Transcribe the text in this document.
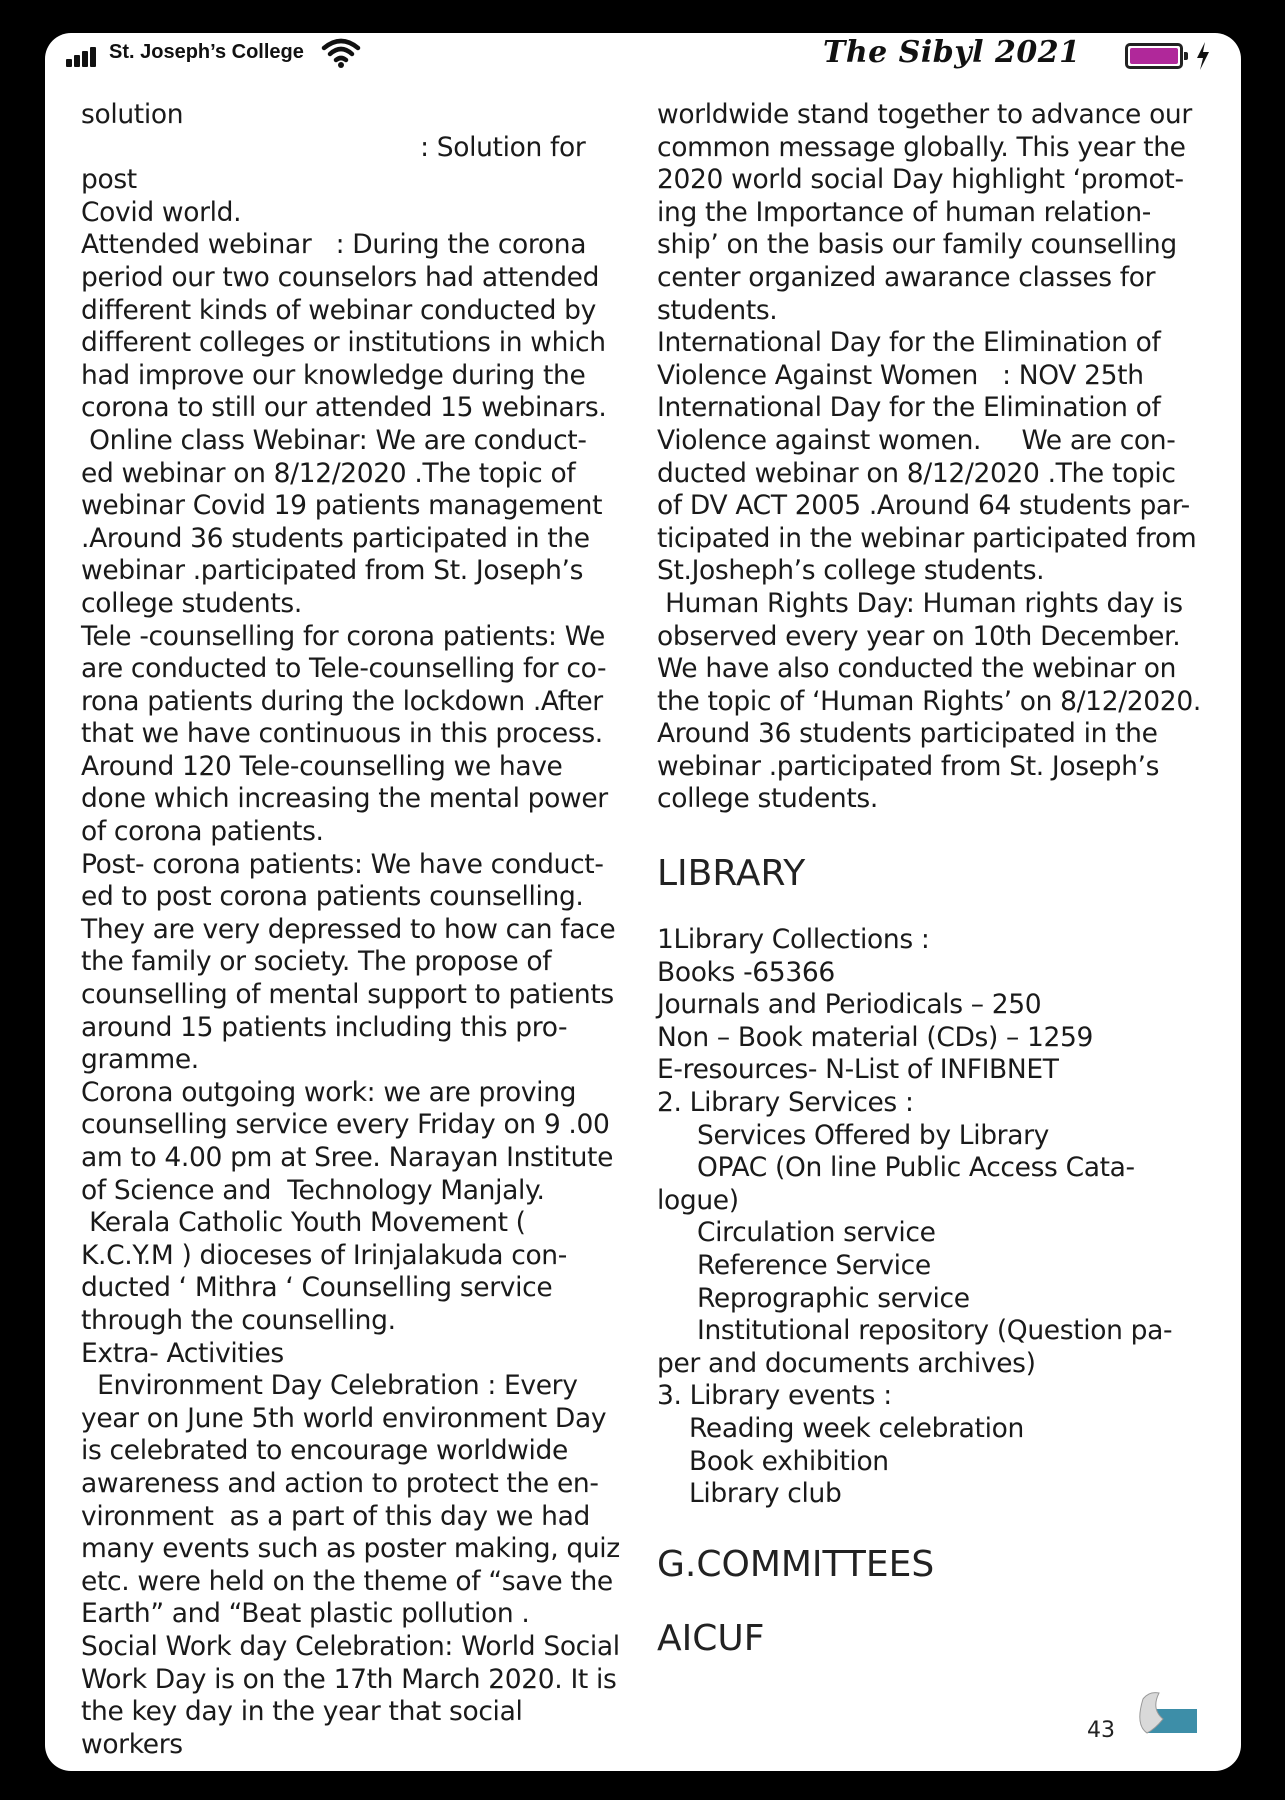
St. Joseph’s College	The Sibyl 2021

solution

: Solution for post

Covid world.

Attended webinar   : During the corona

period our two counselors had attended

different kinds of webinar conducted by

different colleges or institutions in which

had improve our knowledge during the

corona to still our attended 15 webinars.

Online class Webinar: We are conduct-

ed webinar on 8/12/2020 .The topic of

webinar Covid 19 patients management

.Around 36 students participated in the

webinar .participated from St. Joseph’s

college students.

Tele -counselling for corona patients: We

are conducted to Tele-counselling for co-

rona patients during the lockdown .After

that we have continuous in this process.

Around 120 Tele-counselling we have

done which increasing the mental power

of corona patients.

Post- corona patients: We have conduct-

ed to post corona patients counselling.

They are very depressed to how can face

the family or society. The propose of

counselling of mental support to patients

around 15 patients including this pro-

gramme.

Corona outgoing work: we are proving

counselling service every Friday on 9 .00

am to 4.00 pm at Sree. Narayan Institute

of Science and  Technology Manjaly.

Kerala Catholic Youth Movement (

K.C.Y.M ) dioceses of Irinjalakuda con-

ducted ‘ Mithra ‘ Counselling service

through the counselling.

Extra- Activities

Environment Day Celebration : Every

year on June 5th world environment Day

is celebrated to encourage worldwide

awareness and action to protect the en-

vironment  as a part of this day we had

many events such as poster making, quiz

etc. were held on the theme of “save the

Earth” and “Beat plastic pollution .

Social Work day Celebration: World Social

Work Day is on the 17th March 2020. It is

the key day in the year that social workers

worldwide stand together to advance our

common message globally. This year the

2020 world social Day highlight ‘promot-

ing the Importance of human relation-

ship’ on the basis our family counselling

center organized awarance classes for

students.

International Day for the Elimination of

Violence Against Women   : NOV 25th

International Day for the Elimination of

Violence against women.     We are con-

ducted webinar on 8/12/2020 .The topic

of DV ACT 2005 .Around 64 students par-

ticipated in the webinar participated from

St.Joshephʼs college students.

Human Rights Day: Human rights day is

observed every year on 10th December.

We have also conducted the webinar on

the topic of ‘Human Rights’ on 8/12/2020.

Around 36 students participated in the

webinar .participated from St. Joseph’s

college students.

LIBRARY

1Library Collections :

Books -65366

Journals and Periodicals – 250

Non – Book material (CDs) – 1259

E-resources- N-List of INFIBNET

2. Library Services :

Services Offered by Library

OPAC (On line Public Access Cata-

logue)

Circulation service

Reference Service

Reprographic service

Institutional repository (Question pa-

per and documents archives)

3. Library events :

Reading week celebration

Book exhibition

Library club

G.COMMITTEES

AICUF

43
